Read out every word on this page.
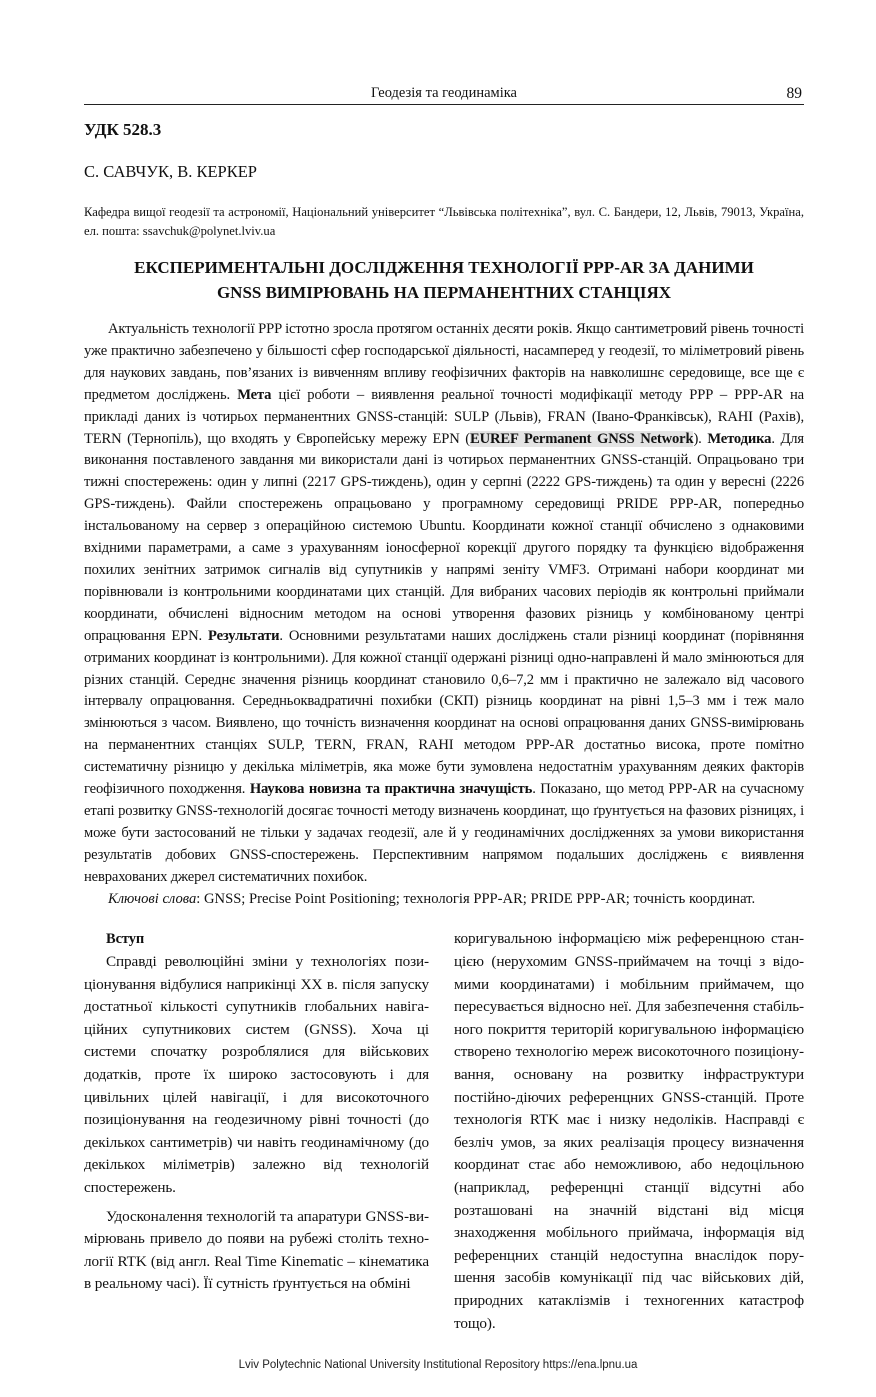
Геодезія та геодинаміка	89
УДК 528.3
С. САВЧУК, В. КЕРКЕР
Кафедра вищої геодезії та астрономії, Національний університет “Львівська політехніка”, вул. С. Бандери, 12, Львів, 79013, Україна, ел. пошта: ssavchuk@polynet.lviv.ua
ЕКСПЕРИМЕНТАЛЬНІ ДОСЛІДЖЕННЯ ТЕХНОЛОГІЇ PPP-AR ЗА ДАНИМИ
GNSS ВИМІРЮВАНЬ НА ПЕРМАНЕНТНИХ СТАНЦІЯХ
Актуальність технології PPP істотно зросла протягом останніх десяти років. Якщо сантиметровий рівень точності уже практично забезпечено у більшості сфер господарської діяльності, насамперед у геодезії, то міліметровий рівень для наукових завдань, пов’язаних із вивченням впливу геофізичних факторів на навколишнє середовище, все ще є предметом досліджень. Мета цієї роботи – виявлення реальної точності модифікації методу PPP – PPP-AR на прикладі даних із чотирьох перманентних GNSS-станцій: SULP (Львів), FRAN (Івано-Франківськ), RAHI (Рахів), TERN (Тернопіль), що входять у Європейську мережу EPN (EUREF Permanent GNSS Network). Методика. Для виконання поставленого завдання ми використали дані із чотирьох перманентних GNSS-станцій. Опрацьовано три тижні спостережень: один у липні (2217 GPS-тиждень), один у серпні (2222 GPS-тиждень) та один у вересні (2226 GPS-тиждень). Файли спостережень опрацьовано у програмному середовищі PRIDE PPP-AR, попередньо інстальованому на сервер з операційною системою Ubuntu. Координати кожної станції обчислено з однаковими вхідними параметрами, а саме з урахуванням іоносферної корекції другого порядку та функцією відображення похилих зенітних затримок сигналів від супутників у напрямі зеніту VMF3. Отримані набори координат ми порівнювали із контрольними координатами цих станцій. Для вибраних часових періодів як контрольні приймали координати, обчислені відносним методом на основі утворення фазових різниць у комбінованому центрі опрацювання EPN. Результати. Основними результатами наших досліджень стали різниці координат (порівняння отриманих координат із контрольними). Для кожної станції одержані різниці одно-направлені й мало змінюються для різних станцій. Середнє значення різниць координат становило 0,6–7,2 мм і практично не залежало від часового інтервалу опрацювання. Середньоквадратичні похибки (СКП) різниць координат на рівні 1,5–3 мм і теж мало змінюються з часом. Виявлено, що точність визначення координат на основі опрацювання даних GNSS-вимірювань на перманентних станціях SULP, TERN, FRAN, RAHI методом PPP-AR достатньо висока, проте помітно систематичну різницю у декілька міліметрів, яка може бути зумовлена недостатнім урахуванням деяких факторів геофізичного походження. Наукова новизна та практична значущість. Показано, що метод PPP-AR на сучасному етапі розвитку GNSS-технологій досягає точності методу визначень координат, що ґрунтується на фазових різницях, і може бути застосований не тільки у задачах геодезії, але й у геодинамічних дослідженнях за умови використання результатів добових GNSS-спостережень. Перспективним напрямом подальших досліджень є виявлення неврахованих джерел систематичних похибок.
Ключові слова: GNSS; Precise Point Positioning; технологія PPP-AR; PRIDE PPP-AR; точність координат.

Вступ

Справді революційні зміни у технологіях пози-ціонування відбулися наприкінці XX в. після запуску достатньої кількості супутників глобальних навіга-ційних супутникових систем (GNSS). Хоча ці системи спочатку розроблялися для військових додатків, проте їх широко застосовують і для цивільних цілей навігації, і для високоточного позиціонування на геодезичному рівні точності (до декількох сантиметрів) чи навіть геодинамічному (до декількох міліметрів) залежно від технологій спостережень.

Удосконалення технологій та апаратури GNSS-ви-мірювань привело до появи на рубежі століть техно-логії RTK (від англ. Real Time Kinematic – кінематика в реальному часі). Її сутність ґрунтується на обміні

коригувальною інформацією між референцною стан-цією (нерухомим GNSS-приймачем на точці з відо-мими координатами) і мобільним приймачем, що пересувається відносно неї. Для забезпечення стабіль-ного покриття територій коригувальною інформацією створено технологію мереж високоточного позиціону-вання, основану на розвитку інфраструктури постійно-діючих референцних GNSS-станцій. Проте технологія RTK має і низку недоліків. Насправді є безліч умов, за яких реалізація процесу визначення координат стає або неможливою, або недоцільною (наприклад, референцні станції відсутні або розташовані на значній відстані від місця знаходження мобільного приймача, інформація від референцних станцій недоступна внаслідок пору-шення засобів комунікації під час військових дій, природних катаклізмів і техногенних катастроф тощо).

Lviv Polytechnic National University Institutional Repository https://ena.lpnu.ua
